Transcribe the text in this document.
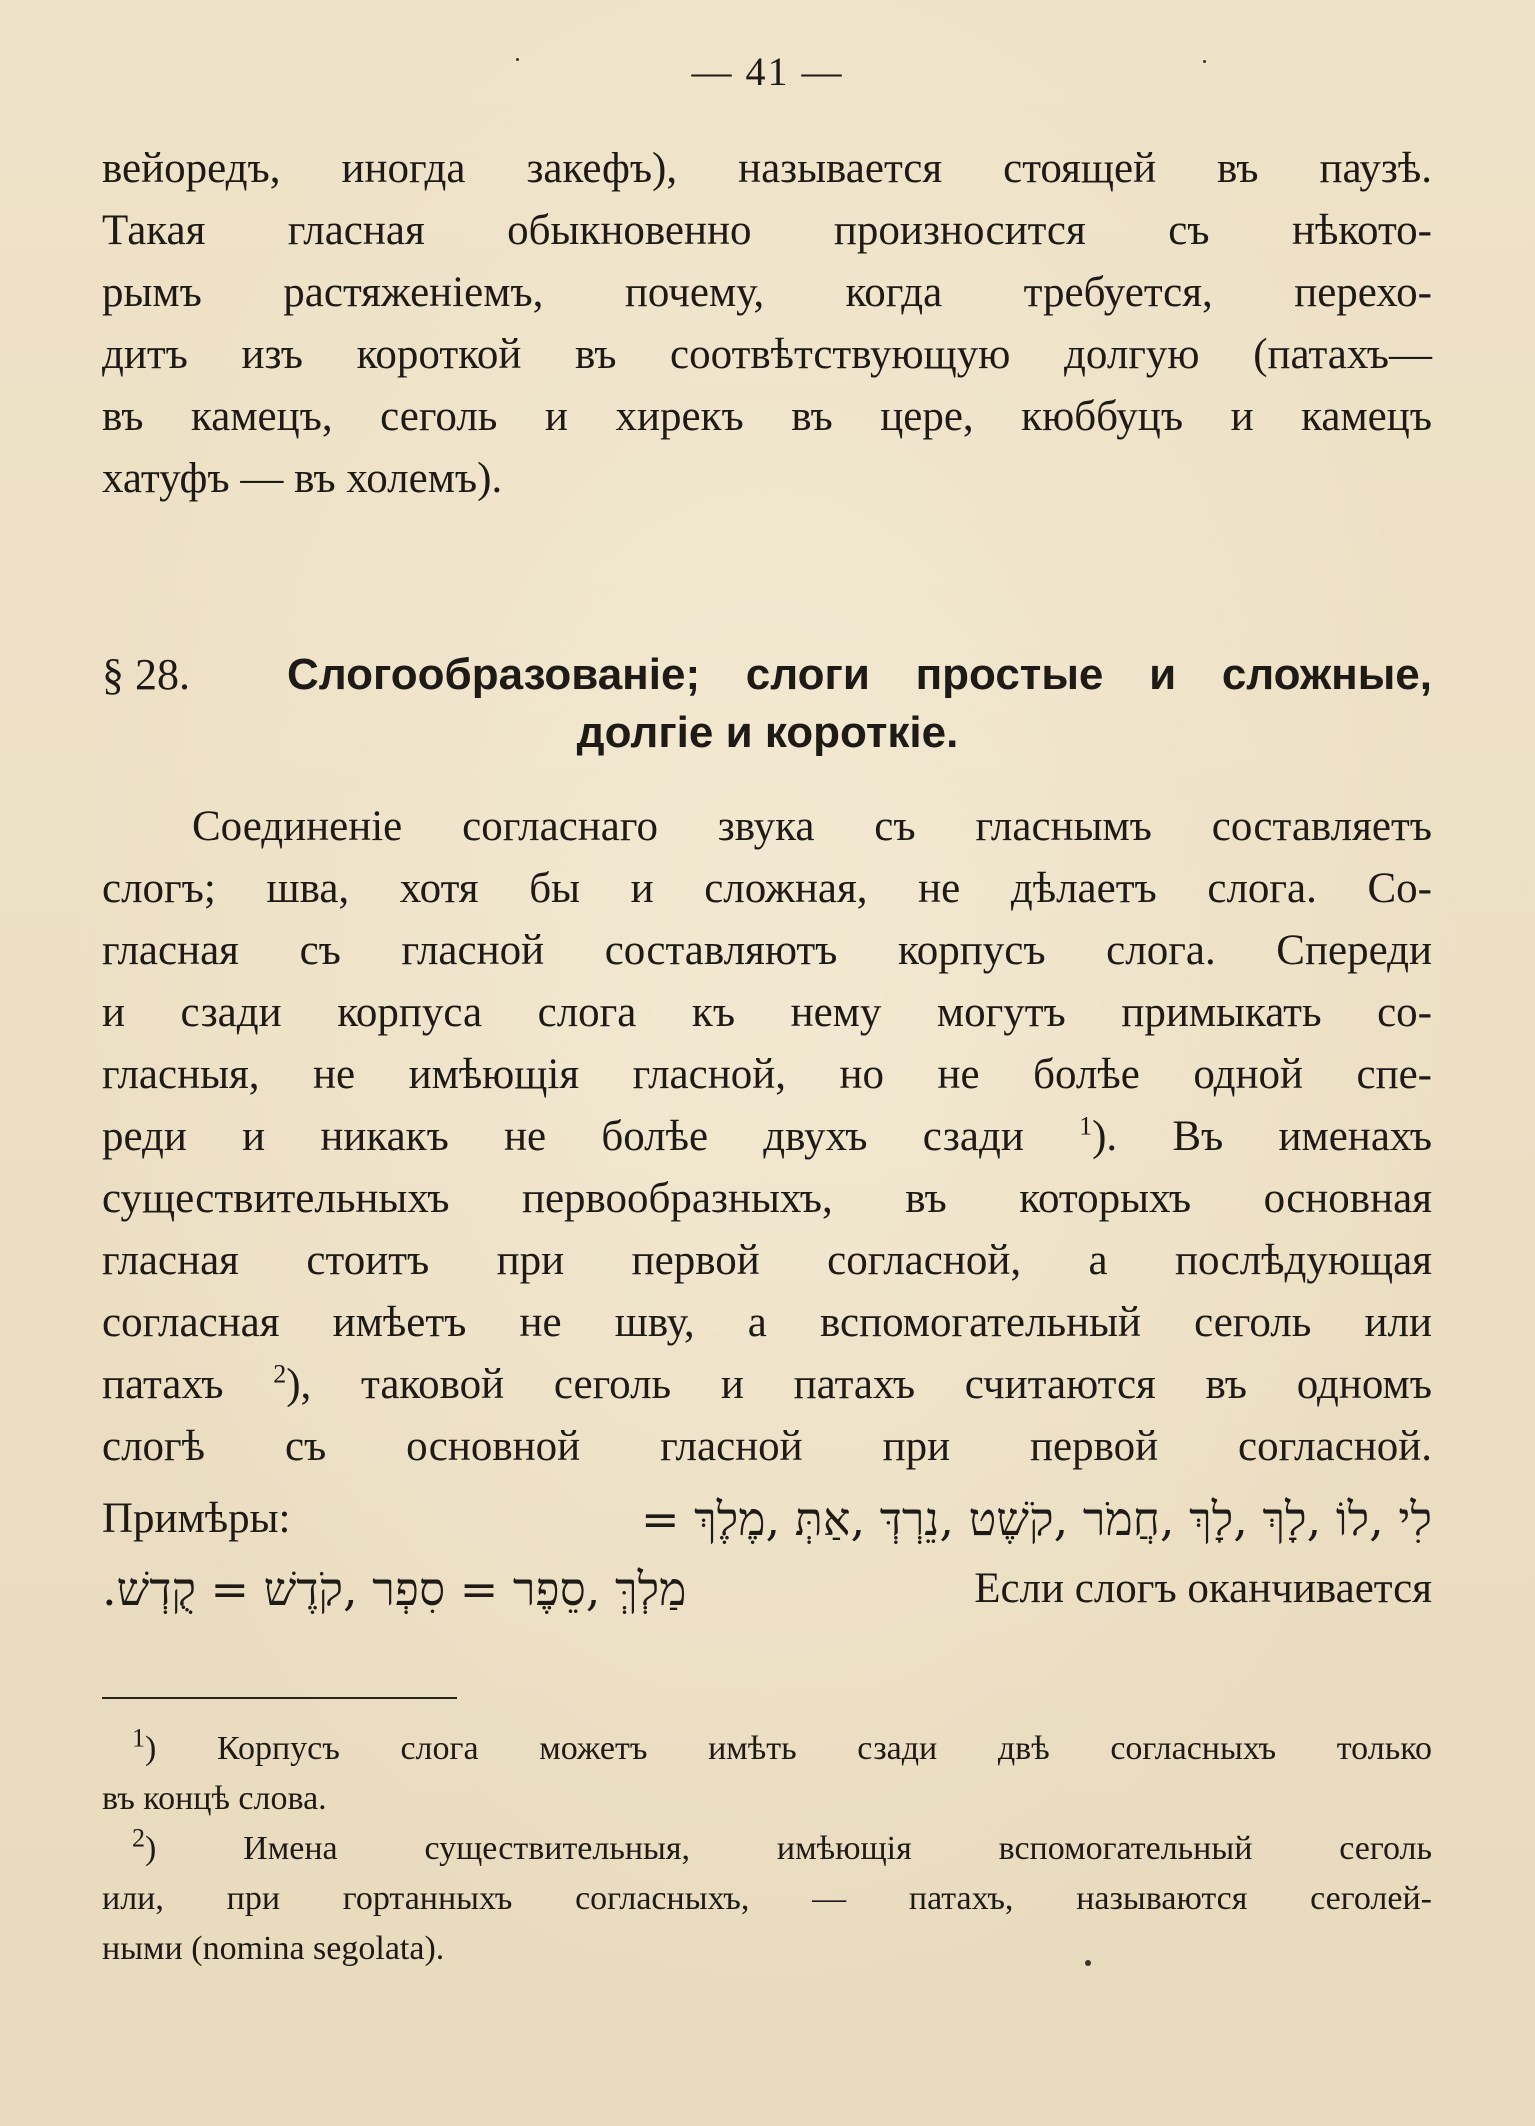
— 41 —
вейоредъ, иногда закефъ), называется стоящей въ паузѣ.
Такая гласная обыкновенно произносится съ нѣкото-
рымъ растяженіемъ, почему, когда требуется, перехо-
дитъ изъ короткой въ соотвѣтствующую долгую (патахъ—
въ камецъ, сеголь и хирекъ въ цере, кюббуцъ и камецъ
хатуфъ — въ холемъ).
§ 28. Слогообразованіе; слоги простые и сложные,
долгіе и короткіе.
Соединеніе согласнаго звука съ гласнымъ составляетъ
слогъ; шва, хотя бы и сложная, не дѣлаетъ слога. Со-
гласная съ гласной составляютъ корпусъ слога. Спереди
и сзади корпуса слога къ нему могутъ примыкать со-
гласныя, не имѣющія гласной, но не болѣе одной спе-
реди и никакъ не болѣе двухъ сзади $^1$). Въ именахъ
существительныхъ первообразныхъ, въ которыхъ основная
гласная стоитъ при первой согласной, а послѣдующая
согласная имѣетъ не шву, а вспомогательный сеголь или
патахъ $^2$), таковой сеголь и патахъ считаются въ одномъ
слогѣ съ основной гласной при первой согласной.
Примѣры:	לִי ,לוֹ ,לָךְ ,לָךְ ,חֲמֹר ,קֹשֶׁט ,נֵרְדְּ ,אַתְּ ,מֶלֶךְ =
מַלְךְּ ,סֵפֶר = סִפְר ,קֹדֶשׁ = קֻדְשׁ.	Если слогъ оканчивается
$^1$) Корпусъ слога можетъ имѣть сзади двѣ согласныхъ только
въ концѣ слова.
$^2$) Имена существительныя, имѣющія вспомогательный сеголь
или, при гортанныхъ согласныхъ, — патахъ, называются сеголей-
ными (nomina segolata).
